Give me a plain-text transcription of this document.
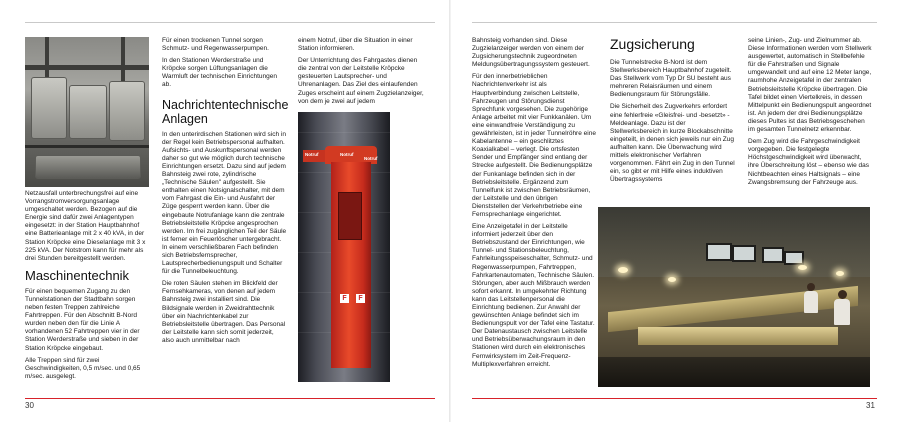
Netzausfall unterbrechungsfrei auf eine Vorrangstromversorgungsanlage umgeschaltet werden. Bezogen auf die Energie sind dafür zwei Anlagentypen eingesetzt: in der Station Hauptbahnhof eine Batterieanlage mit 2 x 40 kVA, in der Station Kröpcke eine Dieselanlage mit 3 x 225 kVA. Der Notstrom kann für mehr als drei Stunden bereitgestellt werden.

Maschinentechnik

Für einen bequemen Zugang zu den Tunnelstationen der Stadtbahn sorgen neben festen Treppen zahlreiche Fahrtreppen. Für den Abschnitt B-Nord wurden neben den für die Linie A vorhandenen 52 Fahrtreppen vier in der Station Werderstraße und sieben in der Station Kröpcke eingebaut.

Alle Treppen sind für zwei Geschwindigkeiten, 0,5 m/sec. und 0,65 m/sec. ausgelegt.

Für einen trockenen Tunnel sorgen Schmutz- und Regenwasserpumpen.

In den Stationen Werderstraße und Kröpcke sorgen Lüftungsanlagen die Warmluft der technischen Einrichtungen ab.

Nachrichtentechnische Anlagen

In den unterirdischen Stationen wird sich in der Regel kein Betriebspersonal aufhalten. Aufsichts- und Auskunftspersonal werden daher so gut wie möglich durch technische Einrichtungen ersetzt. Dazu sind auf jedem Bahnsteig zwei rote, zylindrische „Technische Säulen" aufgestellt. Sie enthalten einen Notsignalschalter, mit dem vom Fahrgast die Ein- und Ausfahrt der Züge gesperrt werden kann. Über die eingebaute Notrufanlage kann die zentrale Betriebsleitstelle Kröpcke angesprochen werden. Im frei zugänglichen Teil der Säule ist ferner ein Feuerlöscher untergebracht. In einem verschließbaren Fach befinden sich Betriebsfernsprecher, Lautsprecherbedienungspult und Schalter für die Tunnelbeleuchtung.

Die roten Säulen stehen im Blickfeld der Fernsehkameras, von denen auf jedem Bahnsteig zwei installiert sind. Die Bildsignale werden in Zweidrahttechnik über ein Nachrichtenkabel zur Betriebsleitstelle übertragen. Das Personal der Leitstelle kann sich somit jederzeit, also auch unmittelbar nach

einem Notruf, über die Situation in einer Station informieren.

Der Unterrichtung des Fahrgastes dienen die zentral von der Leitstelle Kröpcke gesteuerten Lautsprecher- und Uhrenanlagen. Das Ziel des einlaufenden Zuges erscheint auf einem Zugzielanzeiger, von dem je zwei auf jedem

Notruf	Notruf
Notruf
F	F
30

Bahnsteig vorhanden sind. Diese Zugzielanzeiger werden von einem der Zugsicherungstechnik zugeordneten Meldungsübertragungssystem gesteuert.

Für den innerbetrieblichen Nachrichtenverkehr ist als Hauptverbindung zwischen Leitstelle, Fahrzeugen und Störungsdienst Sprechfunk vorgesehen. Die zugehörige Anlage arbeitet mit vier Funkkanälen. Um eine einwandfreie Verständigung zu gewährleisten, ist in jeder Tunnelröhre eine Kabelantenne – ein geschlitztes Koaxialkabel – verlegt. Die ortsfesten Sender und Empfänger sind entlang der Strecke aufgestellt. Die Bedienungsplätze der Funkanlage befinden sich in der Betriebsleitstelle. Ergänzend zum Tunnelfunk ist zwischen Betriebsräumen, der Leitstelle und den übrigen Dienststellen der Verkehrbetriebe eine Fernsprechanlage eingerichtet.

Eine Anzeigetafel in der Leitstelle informiert jederzeit über den Betriebszustand der Einrichtungen, wie Tunnel- und Stationsbeleuchtung, Fahrleitungsspeiseschalter, Schmutz- und Regenwasserpumpen, Fahrtreppen, Fahrkartenautomaten, Technische Säulen. Störungen, aber auch Mißbrauch werden sofort erkannt. In umgekehrter Richtung kann das Leitstellenpersonal die Einrichtung bedienen. Zur Anwahl der gewünschten Anlage befindet sich im Bedienungspult vor der Tafel eine Tastatur. Der Datenaustausch zwischen Leitstelle und Betriebsüberwachungsraum in den Stationen wird durch ein elektronisches Fernwirksystem im Zeit-Frequenz-Multiplexverfahren erreicht.

Zugsicherung

Die Tunnelstrecke B-Nord ist dem Stellwerksbereich Hauptbahnhof zugeteilt. Das Stellwerk vom Typ Dr SU besteht aus mehreren Relaisräumen und einem Bedienungsraum für Störungsfälle.

Die Sicherheit des Zugverkehrs erfordert eine fehlerfreie «Gleisfrei- und -besetzt» -Meldeanlage. Dazu ist der Stellwerksbereich in kurze Blockabschnitte eingeteilt, in denen sich jeweils nur ein Zug aufhalten kann. Die Überwachung wird mittels elektronischer Verfahren vorgenommen. Fährt ein Zug in den Tunnel ein, so gibt er mit Hilfe eines induktiven Übertragssystems

seine Linien-, Zug- und Zielnummer ab. Diese Informationen werden vom Stellwerk ausgewertet, automatisch in Stellbefehle für die Fahrstraßen und Signale umgewandelt und auf eine 12 Meter lange, raumhohe Anzeigetafel in der zentralen Betriebsleitstelle Kröpcke übertragen. Die Tafel bildet einen Viertelkreis, in dessen Mittelpunkt ein Bedienungspult angeordnet ist. An jedem der drei Bedienungsplätze dieses Pultes ist das Betriebsgeschehen im gesamten Tunnelnetz erkennbar.

Dem Zug wird die Fahrgeschwindigkeit vorgegeben. Die festgelegte Höchstgeschwindigkeit wird überwacht, ihre Überschreitung löst – ebenso wie das Nichtbeachten eines Haltsignals – eine Zwangsbremsung der Fahrzeuge aus.

31
